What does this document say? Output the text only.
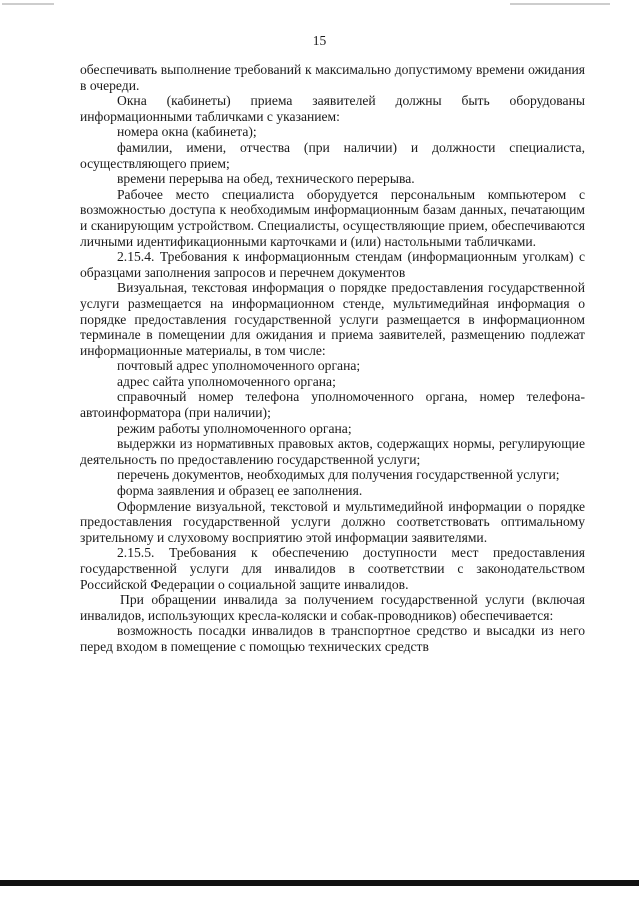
15

обеспечивать выполнение требований к максимально допустимому времени ожидания в очереди.

Окна (кабинеты) приема заявителей должны быть оборудованы информационными табличками с указанием:

номера окна (кабинета);

фамилии, имени, отчества (при наличии) и должности специалиста, осуществляющего прием;

времени перерыва на обед, технического перерыва.

Рабочее место специалиста оборудуется персональным компьютером с возможностью доступа к необходимым информационным базам данных, печатающим и сканирующим устройством. Специалисты, осуществляющие прием, обеспечиваются личными идентификационными карточками и (или) настольными табличками.

2.15.4. Требования к информационным стендам (информационным уголкам) с образцами заполнения запросов и перечнем документов

Визуальная, текстовая информация о порядке предоставления государственной услуги размещается на информационном стенде, мультимедийная информация о порядке предоставления государственной услуги размещается в информационном терминале в помещении для ожидания и приема заявителей, размещению подлежат информационные материалы, в том числе:

почтовый адрес уполномоченного органа;

адрес сайта уполномоченного органа;

справочный номер телефона уполномоченного органа, номер телефона-автоинформатора (при наличии);

режим работы уполномоченного органа;

выдержки из нормативных правовых актов, содержащих нормы, регулирующие деятельность по предоставлению государственной услуги;

перечень документов, необходимых для получения государственной услуги;

форма заявления и образец ее заполнения.

Оформление визуальной, текстовой и мультимедийной информации о порядке предоставления государственной услуги должно соответствовать оптимальному зрительному и слуховому восприятию этой информации заявителями.

2.15.5. Требования к обеспечению доступности мест предоставления государственной услуги для инвалидов в соответствии с законодательством Российской Федерации о социальной защите инвалидов.

При обращении инвалида за получением государственной услуги (включая инвалидов, использующих кресла-коляски и собак-проводников) обеспечивается:

возможность посадки инвалидов в транспортное средство и высадки из него перед входом в помещение с помощью технических средств
